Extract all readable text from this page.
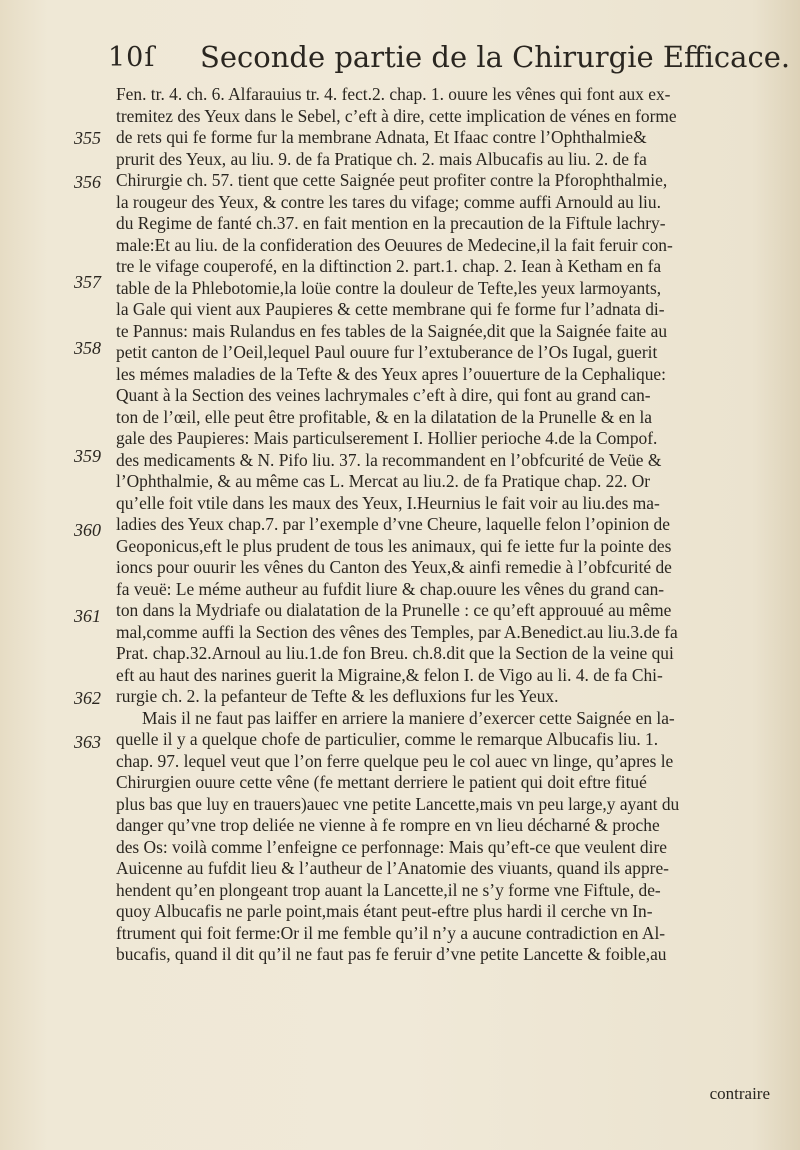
10ſ Seconde partie de la Chirurgie Efficace.
355
356
357
358
359
360
361
362
363
Fen. tr. 4. ch. 6. Alfarauius tr. 4. fect.2. chap. 1. ouure les vênes qui font aux ex-
tremitez des Yeux dans le Sebel, c’eft à dire, cette implication de vénes en forme
de rets qui fe forme fur la membrane Adnata, Et Ifaac contre l’Ophthalmie&
prurit des Yeux, au liu. 9. de fa Pratique ch. 2. mais Albucafis au liu. 2. de fa
Chirurgie ch. 57. tient que cette Saignée peut profiter contre la Pforophthalmie,
la rougeur des Yeux, & contre les tares du vifage; comme auffi Arnould au liu.
du Regime de fanté ch.37. en fait mention en la precaution de la Fiftule lachry-
male:Et au liu. de la confideration des Oeuures de Medecine,il la fait feruir con-
tre le vifage couperofé, en la diftinction 2. part.1. chap. 2. Iean à Ketham en fa
table de la Phlebotomie,la loüe contre la douleur de Tefte,les yeux larmoyants,
la Gale qui vient aux Paupieres & cette membrane qui fe forme fur l’adnata di-
te Pannus: mais Rulandus en fes tables de la Saignée,dit que la Saignée faite au
petit canton de l’Oeil,lequel Paul ouure fur l’extuberance de l’Os Iugal, guerit
les mémes maladies de la Tefte & des Yeux apres l’ouuerture de la Cephalique:
Quant à la Section des veines lachrymales c’eft à dire, qui font au grand can-
ton de l’œil, elle peut être profitable, & en la dilatation de la Prunelle & en la
gale des Paupieres: Mais particulserement I. Hollier perioche 4.de la Compof.
des medicaments & N. Pifo liu. 37. la recommandent en l’obfcurité de Veüe &
l’Ophthalmie, & au même cas L. Mercat au liu.2. de fa Pratique chap. 22. Or
qu’elle foit vtile dans les maux des Yeux, I.Heurnius le fait voir au liu.des ma-
ladies des Yeux chap.7. par l’exemple d’vne Cheure, laquelle felon l’opinion de
Geoponicus,eft le plus prudent de tous les animaux, qui fe iette fur la pointe des
ioncs pour ouurir les vênes du Canton des Yeux,& ainfi remedie à l’obfcurité de
fa veuë: Le méme autheur au fufdit liure & chap.ouure les vênes du grand can-
ton dans la Mydriafe ou dialatation de la Prunelle : ce qu’eft approuué au même
mal,comme auffi la Section des vênes des Temples, par A.Benedict.au liu.3.de fa
Prat. chap.32.Arnoul au liu.1.de fon Breu. ch.8.dit que la Section de la veine qui
eft au haut des narines guerit la Migraine,& felon I. de Vigo au li. 4. de fa Chi-
rurgie ch. 2. la pefanteur de Tefte & les defluxions fur les Yeux.
Mais il ne faut pas laiffer en arriere la maniere d’exercer cette Saignée en la-
quelle il y a quelque chofe de particulier, comme le remarque Albucafis liu. 1.
chap. 97. lequel veut que l’on ferre quelque peu le col auec vn linge, qu’apres le
Chirurgien ouure cette vêne (fe mettant derriere le patient qui doit eftre fitué
plus bas que luy en trauers)auec vne petite Lancette,mais vn peu large,y ayant du
danger qu’vne trop deliée ne vienne à fe rompre en vn lieu décharné & proche
des Os: voilà comme l’enfeigne ce perfonnage: Mais qu’eft-ce que veulent dire
Auicenne au fufdit lieu & l’autheur de l’Anatomie des viuants, quand ils appre-
hendent qu’en plongeant trop auant la Lancette,il ne s’y forme vne Fiftule, de-
quoy Albucafis ne parle point,mais étant peut-eftre plus hardi il cerche vn In-
ftrument qui foit ferme:Or il me femble qu’il n’y a aucune contradiction en Al-
bucafis, quand il dit qu’il ne faut pas fe feruir d’vne petite Lancette & foible,au
contraire
